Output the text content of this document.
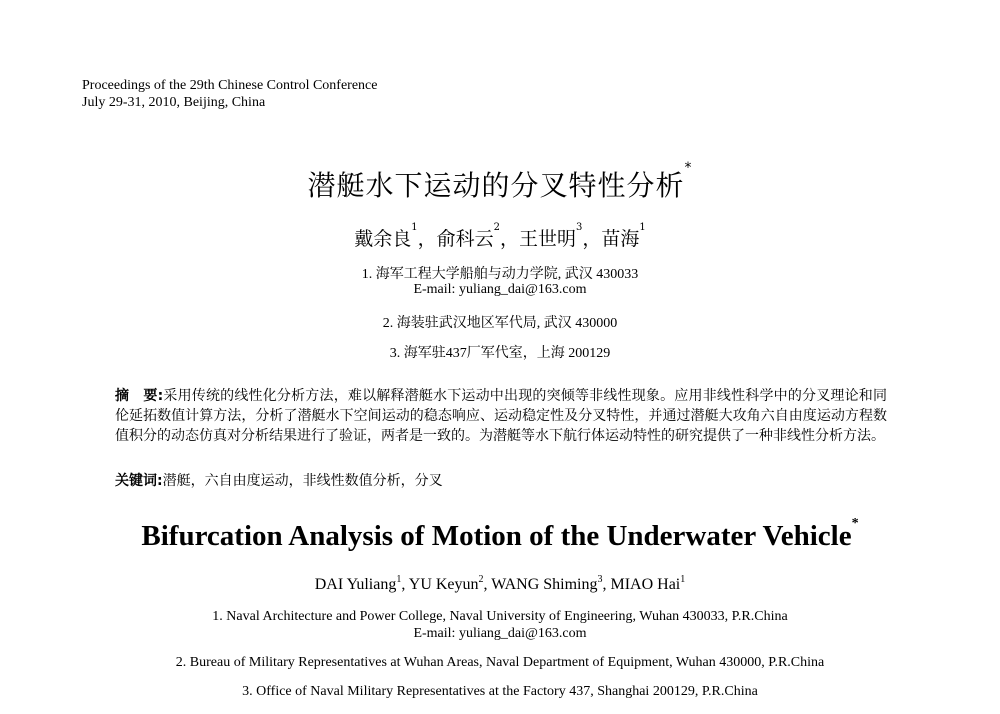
Proceedings of the 29th Chinese Control Conference
July 29-31, 2010, Beijing, China
潜艇水下运动的分叉特性分析*
戴余良$^1$，俞科云$^2$，王世明$^3$，苗海$^1$
1. 海军工程大学船舶与动力学院, 武汉 430033
E-mail: yuliang_dai@163.com
2. 海装驻武汉地区军代局, 武汉 430000
3. 海军驻437厂军代室，上海 200129
摘　要:采用传统的线性化分析方法，难以解释潜艇水下运动中出现的突倾等非线性现象。应用非线性科学中的分叉理论和同伦延拓数值计算方法，分析了潜艇水下空间运动的稳态响应、运动稳定性及分叉特性，并通过潜艇大攻角六自由度运动方程数值积分的动态仿真对分析结果进行了验证，两者是一致的。为潜艇等水下航行体运动特性的研究提供了一种非线性分析方法。
关键词:潜艇，六自由度运动，非线性数值分析，分叉
Bifurcation Analysis of Motion of the Underwater Vehicle*
DAI Yuliang$^1$, YU Keyun$^2$, WANG Shiming$^3$, MIAO Hai$^1$
1. Naval Architecture and Power College, Naval University of Engineering, Wuhan 430033, P.R.China
E-mail: yuliang_dai@163.com
2. Bureau of Military Representatives at Wuhan Areas, Naval Department of Equipment, Wuhan 430000, P.R.China
3. Office of Naval Military Representatives at the Factory 437, Shanghai 200129, P.R.China
